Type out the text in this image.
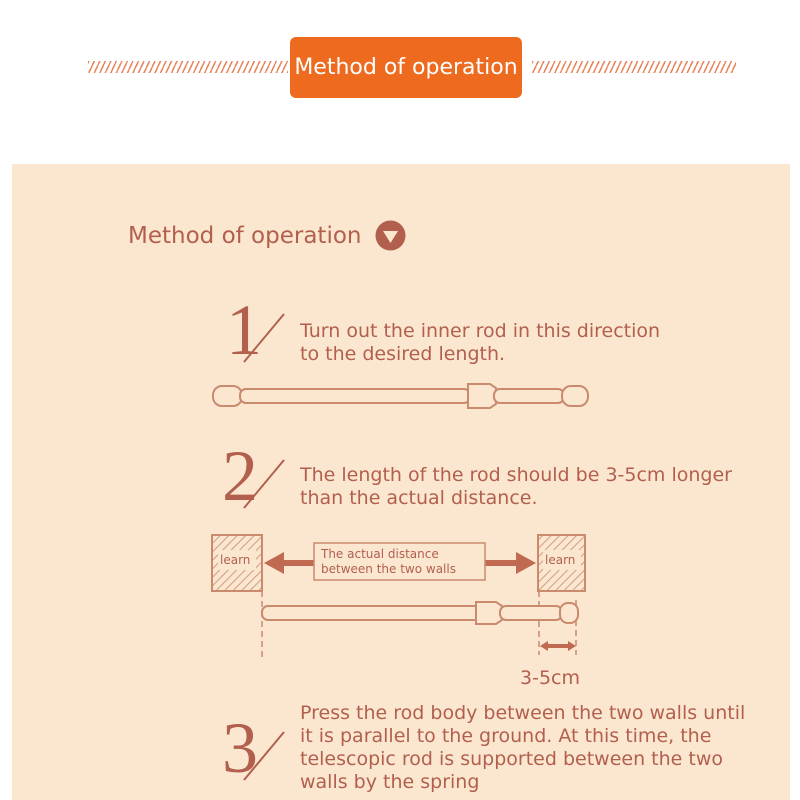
Method of operation
Method of operation
1
2
3
Turn out the inner rod in this direction
to the desired length.
The length of the rod should be 3-5cm longer
than the actual distance.
Press the rod body between the two walls until
it is parallel to the ground. At this time, the
telescopic rod is supported between the two
walls by the spring
learn	learn
The actual distance
between the two walls
3-5cm
